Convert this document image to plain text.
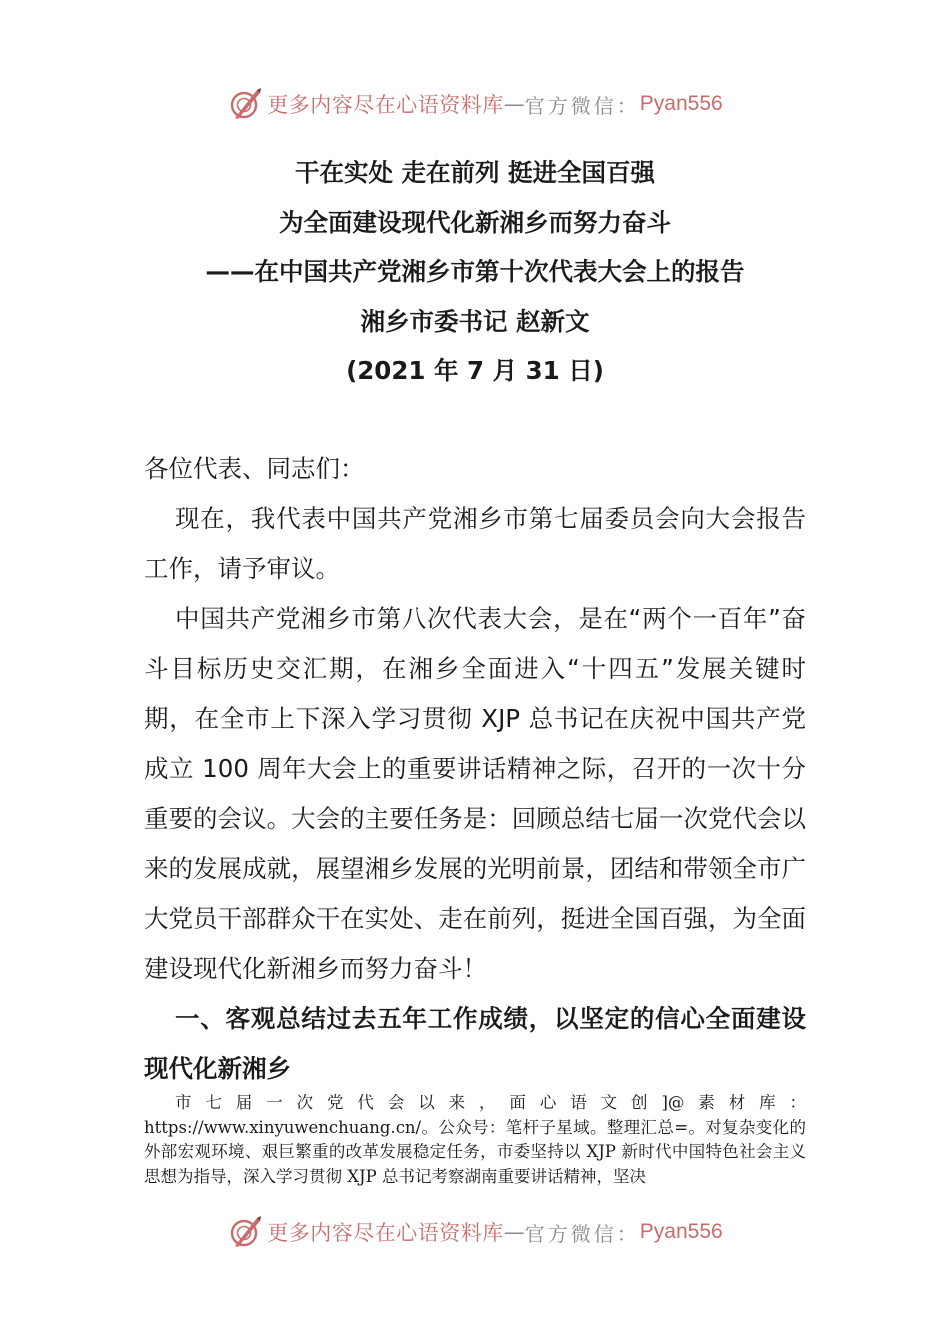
更多内容尽在心语资料库 — 官方微信： Pyan556
干在实处 走在前列 挺进全国百强
为全面建设现代化新湘乡而努力奋斗
——在中国共产党湘乡市第十次代表大会上的报告
湘乡市委书记 赵新文
(2021 年 7 月 31 日)

各位代表、同志们：

现在，我代表中国共产党湘乡市第七届委员会向大会报告工作，请予审议。

中国共产党湘乡市第八次代表大会，是在“两个一百年”奋斗目标历史交汇期，在湘乡全面进入“十四五”发展关键时期，在全市上下深入学习贯彻 XJP 总书记在庆祝中国共产党成立 100 周年大会上的重要讲话精神之际，召开的一次十分重要的会议。大会的主要任务是：回顾总结七届一次党代会以来的发展成就，展望湘乡发展的光明前景，团结和带领全市广大党员干部群众干在实处、走在前列，挺进全国百强，为全面建设现代化新湘乡而努力奋斗！

一、客观总结过去五年工作成绩，以坚定的信心全面建设现代化新湘乡

市七届一次党代会以来，面心语文创]@素材库：https://www.xinyuwenchuang.cn/。公众号：笔杆子星域。整理汇总=。对复杂变化的外部宏观环境、艰巨繁重的改革发展稳定任务，市委坚持以 XJP 新时代中国特色社会主义思想为指导，深入学习贯彻 XJP 总书记考察湖南重要讲话精神，坚决

更多内容尽在心语资料库 — 官方微信： Pyan556
